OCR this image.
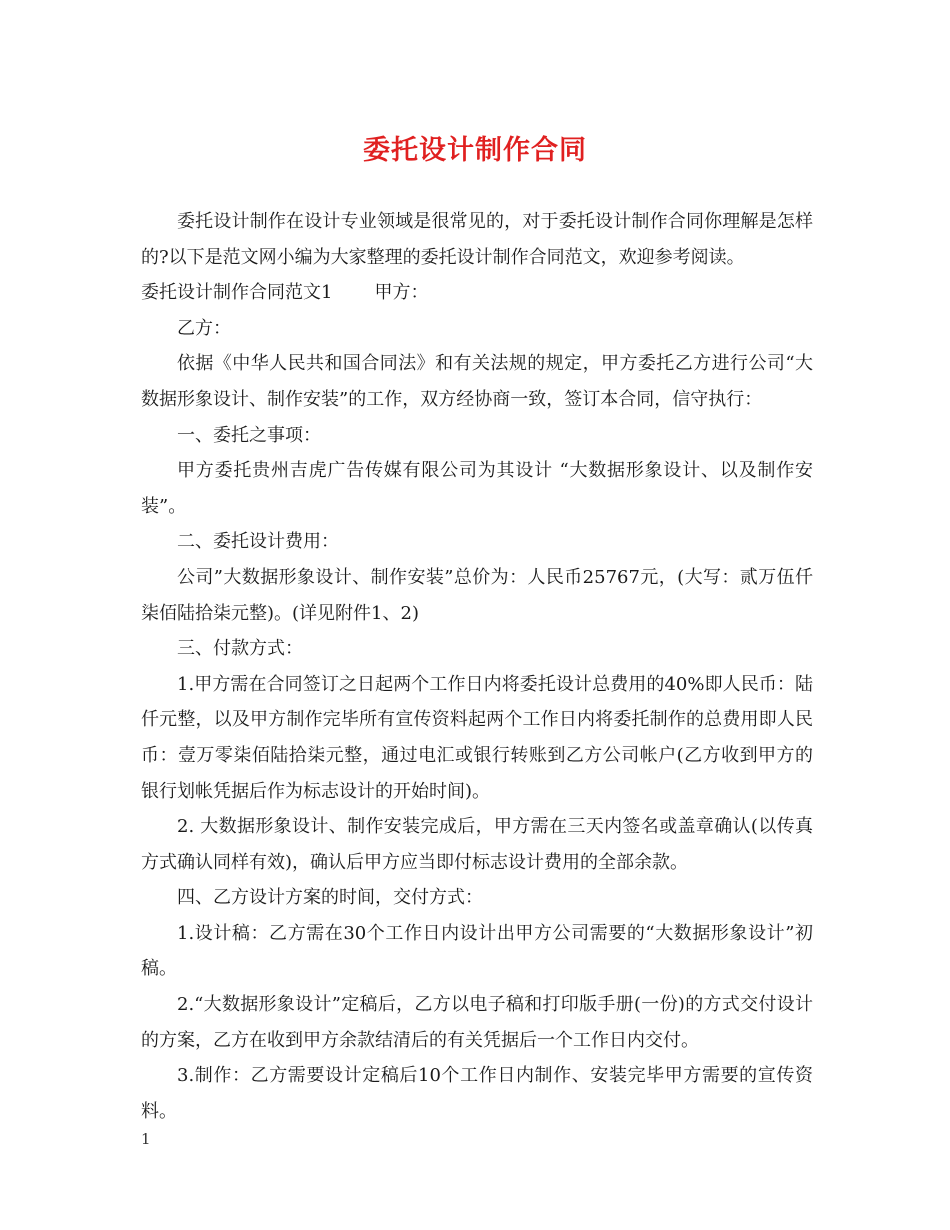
委托设计制作合同

委托设计制作在设计专业领域是很常见的，对于委托设计制作合同你理解是怎样的?以下是范文网小编为大家整理的委托设计制作合同范文，欢迎参考阅读。

委托设计制作合同范文1 甲方：

乙方：

依据《中华人民共和国合同法》和有关法规的规定，甲方委托乙方进行公司“大数据形象设计、制作安装”的工作，双方经协商一致，签订本合同，信守执行：

一、委托之事项：

甲方委托贵州吉虎广告传媒有限公司为其设计 “大数据形象设计、以及制作安装”。

二、委托设计费用：

公司”大数据形象设计、制作安装”总价为：人民币25767元，(大写：贰万伍仟柒佰陆拾柒元整)。(详见附件1、2)

三、付款方式：

1.甲方需在合同签订之日起两个工作日内将委托设计总费用的40%即人民币：陆仟元整，以及甲方制作完毕所有宣传资料起两个工作日内将委托制作的总费用即人民币：壹万零柒佰陆拾柒元整，通过电汇或银行转账到乙方公司帐户(乙方收到甲方的银行划帐凭据后作为标志设计的开始时间)。

2. 大数据形象设计、制作安装完成后，甲方需在三天内签名或盖章确认(以传真方式确认同样有效)，确认后甲方应当即付标志设计费用的全部余款。

四、乙方设计方案的时间，交付方式：

1.设计稿：乙方需在30个工作日内设计出甲方公司需要的“大数据形象设计”初稿。

2.“大数据形象设计”定稿后，乙方以电子稿和打印版手册(一份)的方式交付设计的方案，乙方在收到甲方余款结清后的有关凭据后一个工作日内交付。

3.制作：乙方需要设计定稿后10个工作日内制作、安装完毕甲方需要的宣传资料。

1
